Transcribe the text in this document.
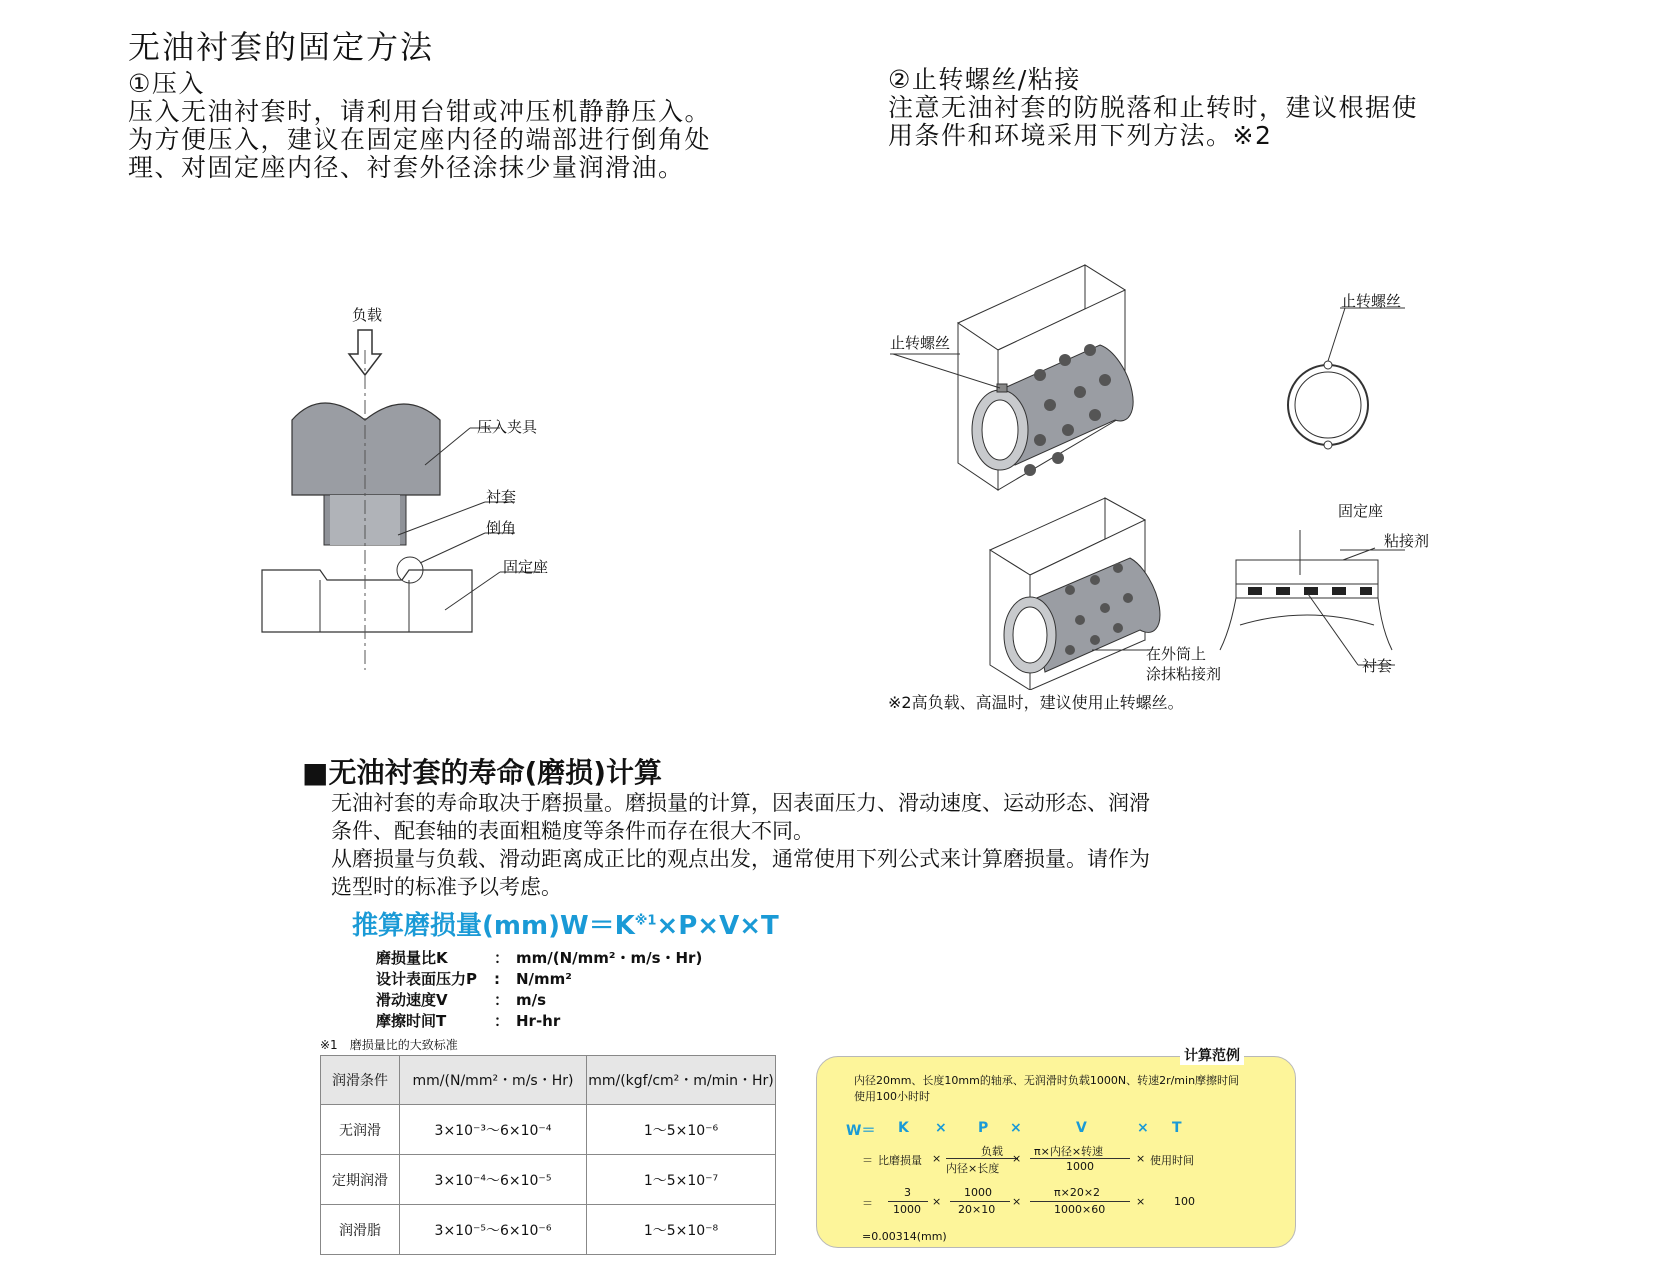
无油衬套的固定方法
①压入
压入无油衬套时，请利用台钳或冲压机静静压入。
为方便压入，建议在固定座内径的端部进行倒角处
理、对固定座内径、衬套外径涂抹少量润滑油。
②止转螺丝/粘接
注意无油衬套的防脱落和止转时，建议根据使
用条件和环境采用下列方法。※2
负载
压入夹具
衬套
倒角
固定座
止转螺丝
止转螺丝
固定座
粘接剂
在外筒上
涂抹粘接剂	衬套
※2高负载、高温时，建议使用止转螺丝。
■无油衬套的寿命(磨损)计算
无油衬套的寿命取决于磨损量。磨损量的计算，因表面压力、滑动速度、运动形态、润滑
条件、配套轴的表面粗糙度等条件而存在很大不同。
从磨损量与负载、滑动距离成正比的观点出发，通常使用下列公式来计算磨损量。请作为
选型时的标准予以考虑。
推算磨损量$(mm)W=K^{※1}\times P\times V\times T$
磨损量比K	： mm/(N/mm²・m/s・Hr)
设计表面压力P	:	N/mm²
滑动速度V	： m/s
摩擦时间T	： Hr-hr
※1　磨损量比的大致标准
润滑条件	mm/(N/mm²・m/s・Hr)	mm/(kgf/cm²・m/min・Hr)
无润滑	3×10⁻³〜6×10⁻⁴	1〜5×10⁻⁶
定期润滑	3×10⁻⁴〜6×10⁻⁵	1〜5×10⁻⁷
润滑脂	3×10⁻⁵〜6×10⁻⁶	1〜5×10⁻⁸
计算范例
内径20mm、长度10mm的轴承、无润滑时负载1000N、转速2r/min摩擦时间
使用100小时时
W＝ K × P ×	V	× T
＝ 比磨损量 ×
负载
内径×长度
×
π×内径×转速
1000
× 使用时间
＝
3
1000
×
1000
20×10
×
π×20×2
1000×60
×	100
=0.00314(mm)
